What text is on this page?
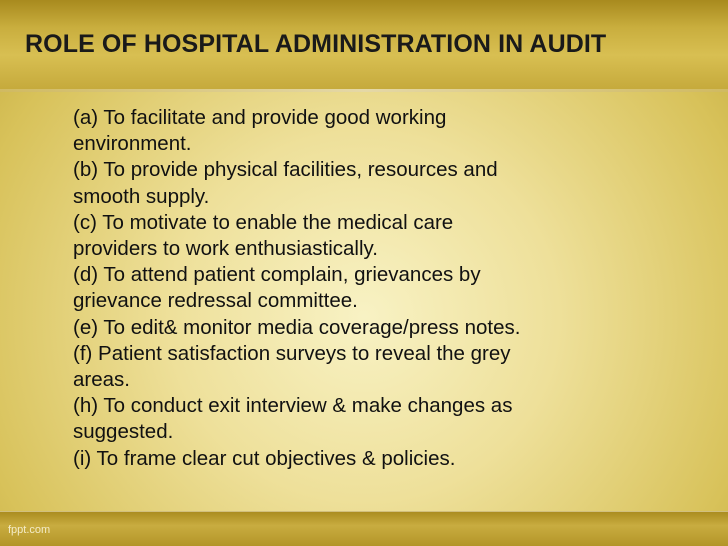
ROLE OF HOSPITAL ADMINISTRATION IN AUDIT
(a) To facilitate and provide good working
environment.
(b) To provide physical facilities, resources and
smooth supply.
(c) To motivate to enable the medical care
providers to work enthusiastically.
(d) To attend patient complain, grievances by
grievance redressal committee.
(e) To edit& monitor media coverage/press notes.
(f) Patient satisfaction surveys to reveal the grey
areas.
(h) To conduct exit interview & make changes as
suggested.
(i) To frame clear cut objectives & policies.
fppt.com
